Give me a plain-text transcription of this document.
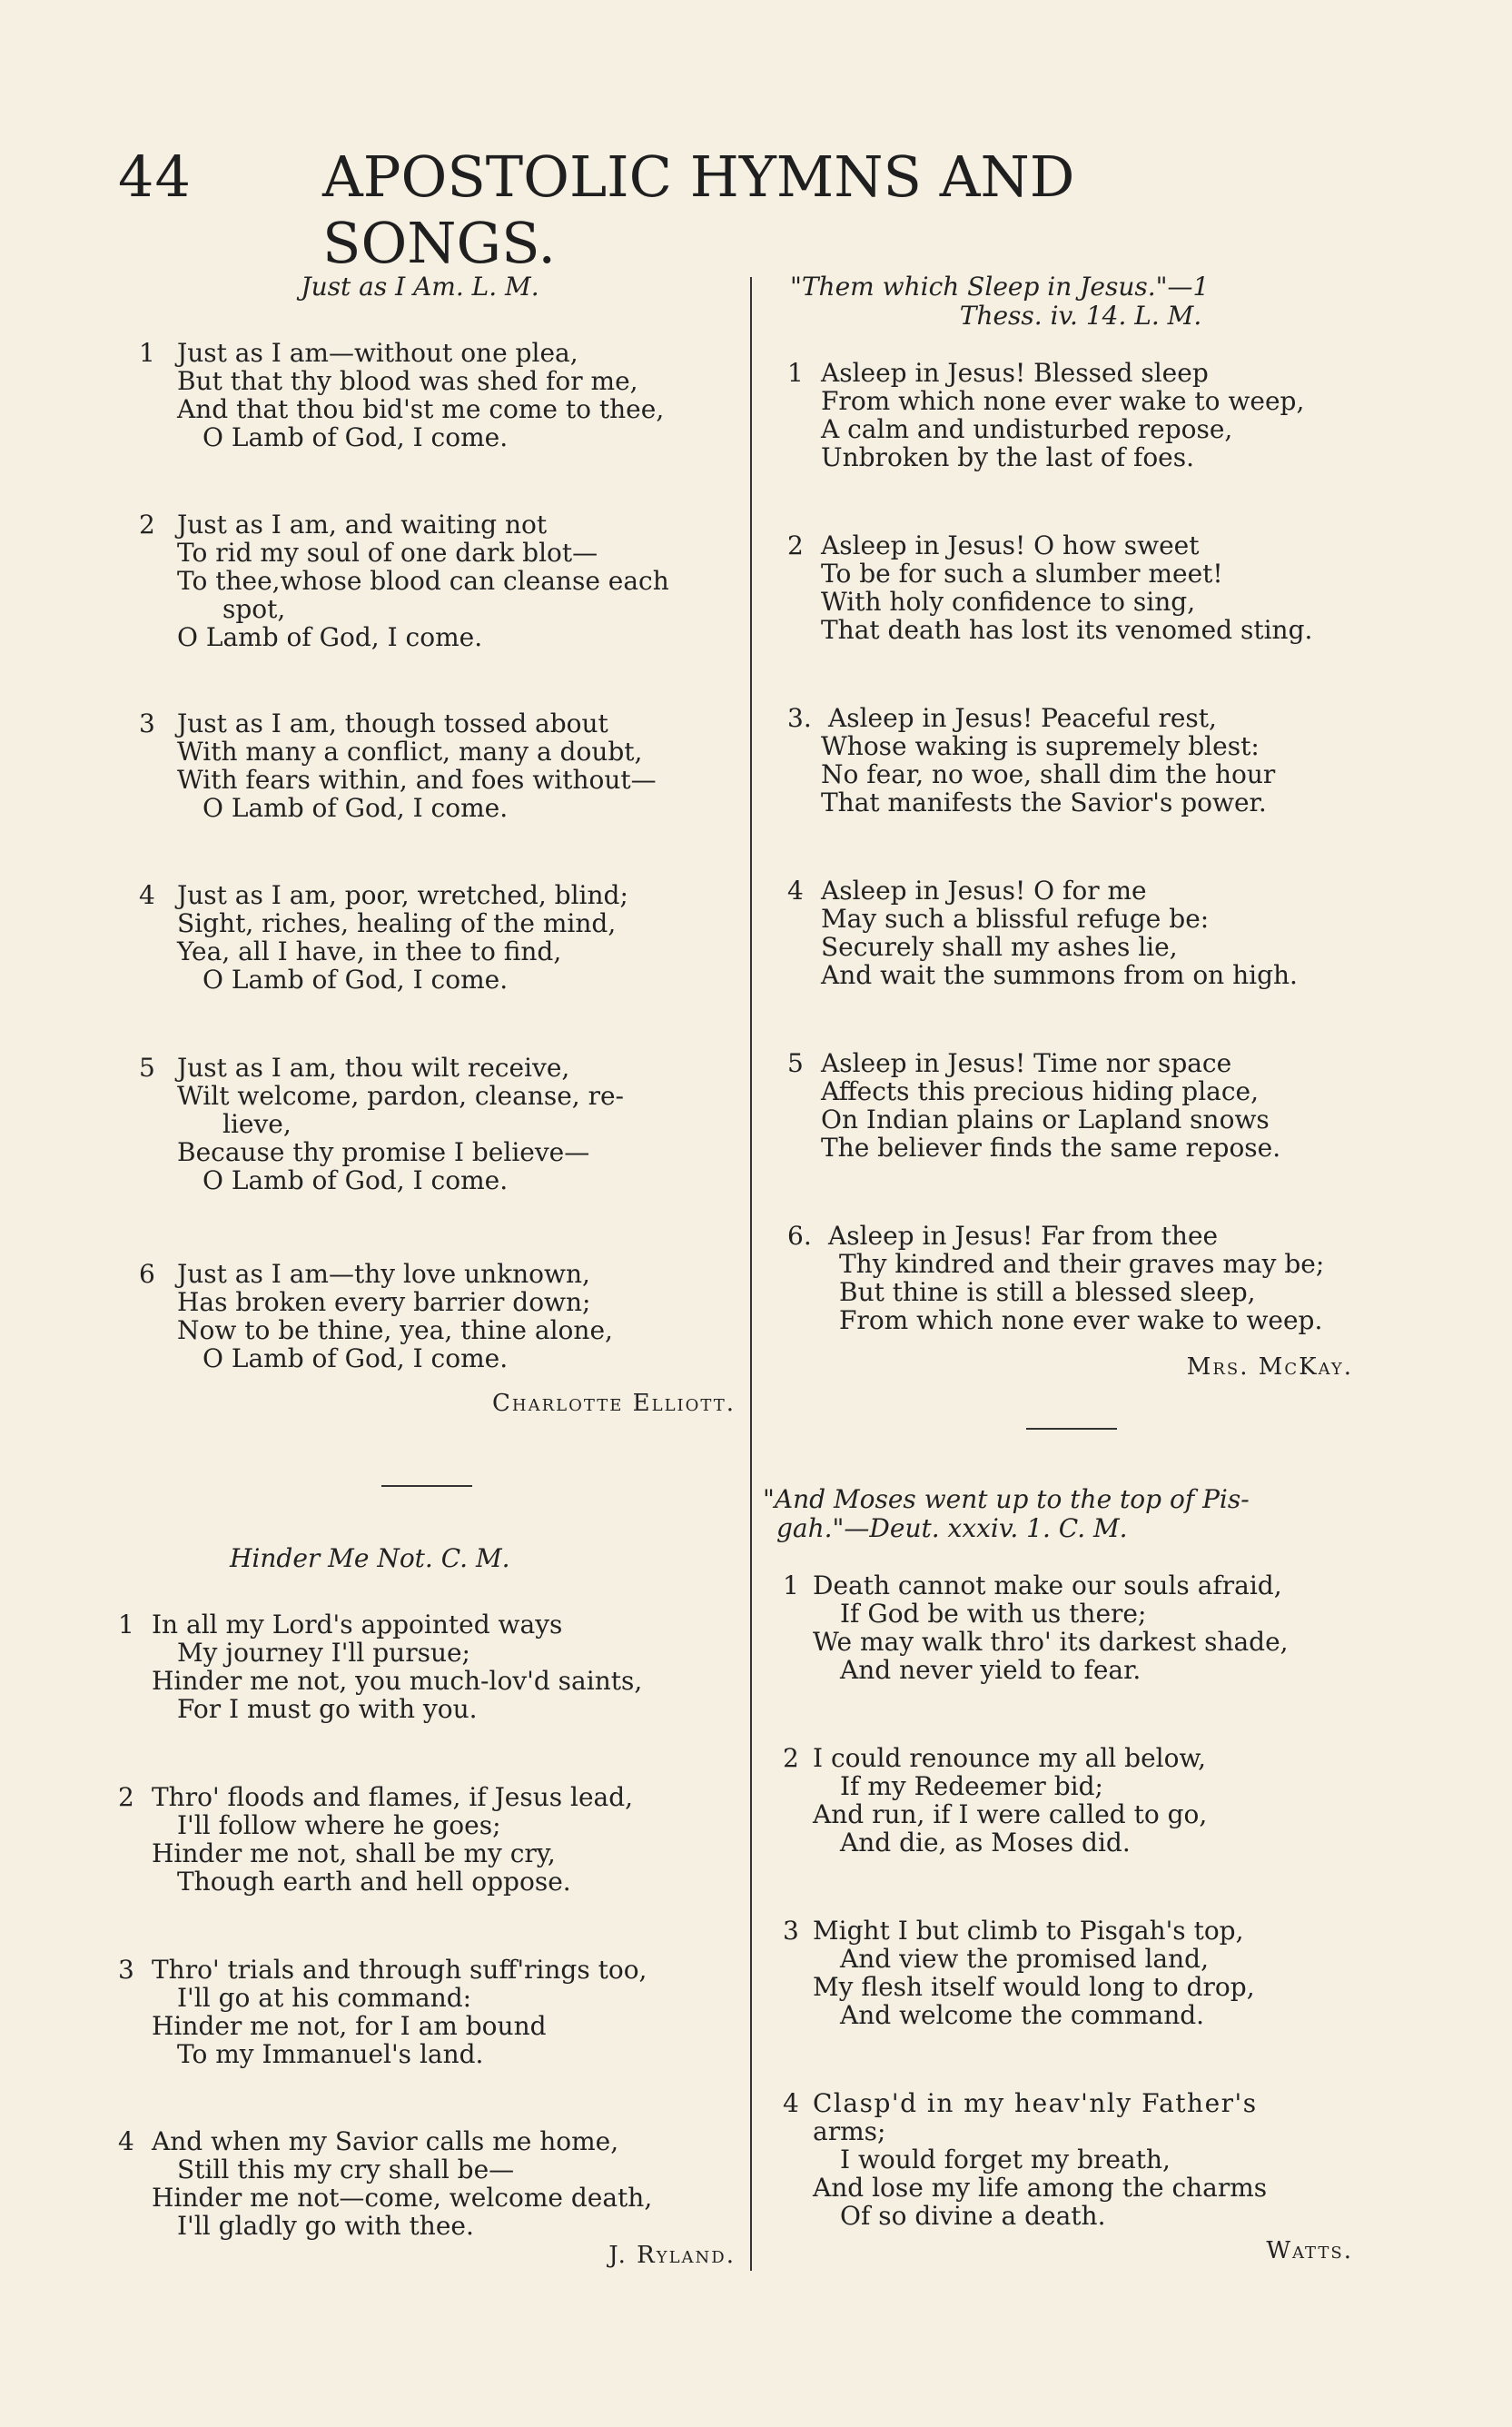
44 APOSTOLIC HYMNS AND SONGS.

Just as I Am. L. M.

1 Just as I am—without one plea,
But that thy blood was shed for me,
And that thou bid'st me come to thee,
O Lamb of God, I come.
2 Just as I am, and waiting not
To rid my soul of one dark blot—
To thee,whose blood can cleanse each
spot,
O Lamb of God, I come.
3 Just as I am, though tossed about
With many a conflict, many a doubt,
With fears within, and foes without—
O Lamb of God, I come.
4 Just as I am, poor, wretched, blind;
Sight, riches, healing of the mind,
Yea, all I have, in thee to find,
O Lamb of God, I come.
5 Just as I am, thou wilt receive,
Wilt welcome, pardon, cleanse, re-
lieve,
Because thy promise I believe—
O Lamb of God, I come.
6 Just as I am—thy love unknown,
Has broken every barrier down;
Now to be thine, yea, thine alone,
O Lamb of God, I come.
Charlotte Elliott.

Hinder Me Not. C. M.

1 In all my Lord's appointed ways
My journey I'll pursue;
Hinder me not, you much-lov'd saints,
For I must go with you.
2 Thro' floods and flames, if Jesus lead,
I'll follow where he goes;
Hinder me not, shall be my cry,
Though earth and hell oppose.
3 Thro' trials and through suff'rings too,
I'll go at his command:
Hinder me not, for I am bound
To my Immanuel's land.
4 And when my Savior calls me home,
Still this my cry shall be—
Hinder me not—come, welcome death,
I'll gladly go with thee.
J. Ryland.

"Them which Sleep in Jesus."—1

Thess. iv. 14. L. M.

1 Asleep in Jesus! Blessed sleep
From which none ever wake to weep,
A calm and undisturbed repose,
Unbroken by the last of foes.
2 Asleep in Jesus! O how sweet
To be for such a slumber meet!
With holy confidence to sing,
That death has lost its venomed sting.
3. Asleep in Jesus! Peaceful rest,
Whose waking is supremely blest:
No fear, no woe, shall dim the hour
That manifests the Savior's power.
4 Asleep in Jesus! O for me
May such a blissful refuge be:
Securely shall my ashes lie,
And wait the summons from on high.
5 Asleep in Jesus! Time nor space
Affects this precious hiding place,
On Indian plains or Lapland snows
The believer finds the same repose.
6. Asleep in Jesus! Far from thee
Thy kindred and their graves may be;
But thine is still a blessed sleep,
From which none ever wake to weep.
Mrs. McKay.

"And Moses went up to the top of Pis-

gah."—Deut. xxxiv. 1. C. M.

1 Death cannot make our souls afraid,
If God be with us there;
We may walk thro' its darkest shade,
And never yield to fear.
2 I could renounce my all below,
If my Redeemer bid;
And run, if I were called to go,
And die, as Moses did.
3 Might I but climb to Pisgah's top,
And view the promised land,
My flesh itself would long to drop,
And welcome the command.
4 Clasp'd in my heav'nly Father's
arms;
I would forget my breath,
And lose my life among the charms
Of so divine a death.
Watts.
